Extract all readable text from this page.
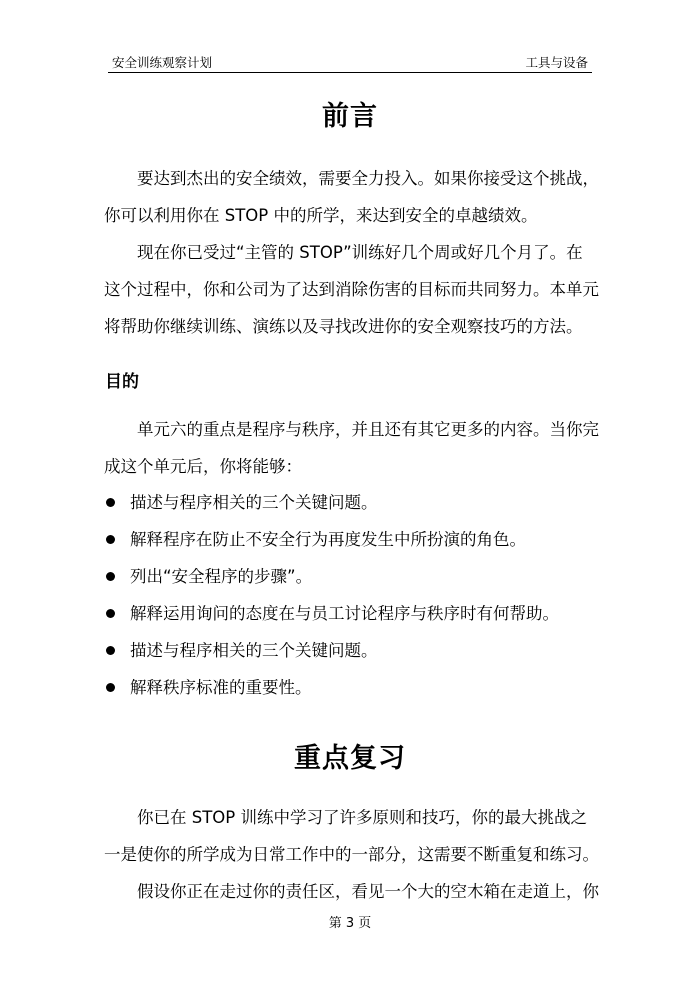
安全训练观察计划	工具与设备
前言

要达到杰出的安全绩效，需要全力投入。如果你接受这个挑战，你可以利用你在 STOP 中的所学，来达到安全的卓越绩效。

现在你已受过“主管的 STOP”训练好几个周或好几个月了。在这个过程中，你和公司为了达到消除伤害的目标而共同努力。本单元将帮助你继续训练、演练以及寻找改进你的安全观察技巧的方法。

目的

单元六的重点是程序与秩序，并且还有其它更多的内容。当你完成这个单元后，你将能够：

描述与程序相关的三个关键问题。
解释程序在防止不安全行为再度发生中所扮演的角色。
列出“安全程序的步骤”。
解释运用询问的态度在与员工讨论程序与秩序时有何帮助。
描述与程序相关的三个关键问题。
解释秩序标准的重要性。
重点复习

你已在 STOP 训练中学习了许多原则和技巧，你的最大挑战之一是使你的所学成为日常工作中的一部分，这需要不断重复和练习。

假设你正在走过你的责任区，看见一个大的空木箱在走道上，你

第 3 页
